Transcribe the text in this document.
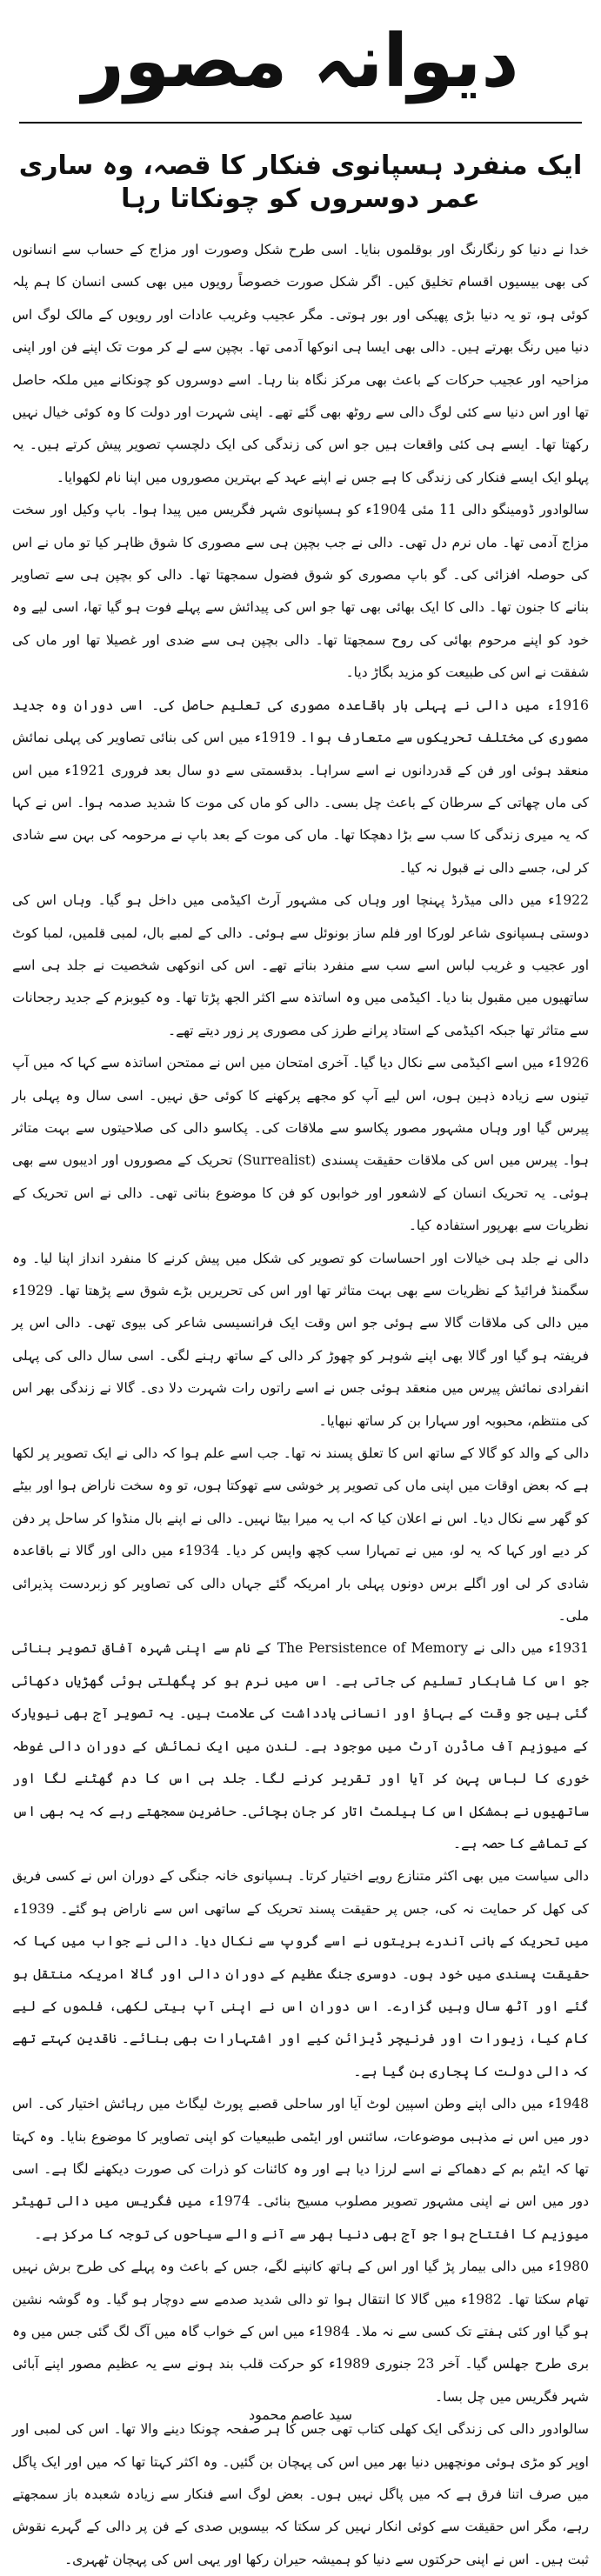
دیوانہ مصور
ایک منفرد ہسپانوی فنکار کا قصہ، وہ ساری عمر دوسروں کو چونکاتا رہا

خدا نے دنیا کو رنگارنگ اور بوقلموں بنایا۔ اسی طرح شکل وصورت اور مزاج کے حساب سے انسانوں کی بھی بیسیوں اقسام تخلیق کیں۔ اگر شکل صورت خصوصاً رویوں میں بھی کسی انسان کا ہم پلہ کوئی ہو، تو یہ دنیا بڑی پھیکی اور بور ہوتی۔ مگر عجیب وغریب عادات اور رویوں کے مالک لوگ اس دنیا میں رنگ بھرتے ہیں۔ دالی بھی ایسا ہی انوکھا آدمی تھا۔ بچپن سے لے کر موت تک اپنے فن اور اپنی مزاحیہ اور عجیب حرکات کے باعث بھی مرکز نگاہ بنا رہا۔ اسے دوسروں کو چونکانے میں ملکہ حاصل تھا اور اس دنیا سے کئی لوگ دالی سے روٹھ بھی گئے تھے۔ اپنی شہرت اور دولت کا وہ کوئی خیال نہیں رکھتا تھا۔ ایسے ہی کئی واقعات ہیں جو اس کی زندگی کی ایک دلچسپ تصویر پیش کرتے ہیں۔ یہ پہلو ایک ایسے فنکار کی زندگی کا ہے جس نے اپنے عہد کے بہترین مصوروں میں اپنا نام لکھوایا۔

سالوادور ڈومینگو دالی 11 مئی 1904ء کو ہسپانوی شہر فگریس میں پیدا ہوا۔ باپ وکیل اور سخت مزاج آدمی تھا۔ ماں نرم دل تھی۔ دالی نے جب بچپن ہی سے مصوری کا شوق ظاہر کیا تو ماں نے اس کی حوصلہ افزائی کی۔ گو باپ مصوری کو شوق فضول سمجھتا تھا۔ دالی کو بچپن ہی سے تصاویر بنانے کا جنون تھا۔ دالی کا ایک بھائی بھی تھا جو اس کی پیدائش سے پہلے فوت ہو گیا تھا، اسی لیے وہ خود کو اپنے مرحوم بھائی کی روح سمجھتا تھا۔ دالی بچپن ہی سے ضدی اور غصیلا تھا اور ماں کی شفقت نے اس کی طبیعت کو مزید بگاڑ دیا۔

1916ء میں دالی نے پہلی بار باقاعدہ مصوری کی تعلیم حاصل کی۔ اسی دوران وہ جدید مصوری کی مختلف تحریکوں سے متعارف ہوا۔ 1919ء میں اس کی بنائی تصاویر کی پہلی نمائش منعقد ہوئی اور فن کے قدردانوں نے اسے سراہا۔ بدقسمتی سے دو سال بعد فروری 1921ء میں اس کی ماں چھاتی کے سرطان کے باعث چل بسی۔ دالی کو ماں کی موت کا شدید صدمہ ہوا۔ اس نے کہا کہ یہ میری زندگی کا سب سے بڑا دھچکا تھا۔ ماں کی موت کے بعد باپ نے مرحومہ کی بہن سے شادی کر لی، جسے دالی نے قبول نہ کیا۔

1922ء میں دالی میڈرڈ پہنچا اور وہاں کی مشہور آرٹ اکیڈمی میں داخل ہو گیا۔ وہاں اس کی دوستی ہسپانوی شاعر لورکا اور فلم ساز بونوئل سے ہوئی۔ دالی کے لمبے بال، لمبی قلمیں، لمبا کوٹ اور عجیب و غریب لباس اسے سب سے منفرد بناتے تھے۔ اس کی انوکھی شخصیت نے جلد ہی اسے ساتھیوں میں مقبول بنا دیا۔ اکیڈمی میں وہ اساتذہ سے اکثر الجھ پڑتا تھا۔ وہ کیوبزم کے جدید رجحانات سے متاثر تھا جبکہ اکیڈمی کے استاد پرانے طرز کی مصوری پر زور دیتے تھے۔

1926ء میں اسے اکیڈمی سے نکال دیا گیا۔ آخری امتحان میں اس نے ممتحن اساتذہ سے کہا کہ میں آپ تینوں سے زیادہ ذہین ہوں، اس لیے آپ کو مجھے پرکھنے کا کوئی حق نہیں۔ اسی سال وہ پہلی بار پیرس گیا اور وہاں مشہور مصور پکاسو سے ملاقات کی۔ پکاسو دالی کی صلاحیتوں سے بہت متاثر ہوا۔ پیرس میں اس کی ملاقات حقیقت پسندی (Surrealist) تحریک کے مصوروں اور ادیبوں سے بھی ہوئی۔ یہ تحریک انسان کے لاشعور اور خوابوں کو فن کا موضوع بناتی تھی۔ دالی نے اس تحریک کے نظریات سے بھرپور استفادہ کیا۔

دالی نے جلد ہی خیالات اور احساسات کو تصویر کی شکل میں پیش کرنے کا منفرد انداز اپنا لیا۔ وہ سگمنڈ فرائیڈ کے نظریات سے بھی بہت متاثر تھا اور اس کی تحریریں بڑے شوق سے پڑھتا تھا۔ 1929ء میں دالی کی ملاقات گالا سے ہوئی جو اس وقت ایک فرانسیسی شاعر کی بیوی تھی۔ دالی اس پر فریفتہ ہو گیا اور گالا بھی اپنے شوہر کو چھوڑ کر دالی کے ساتھ رہنے لگی۔ اسی سال دالی کی پہلی انفرادی نمائش پیرس میں منعقد ہوئی جس نے اسے راتوں رات شہرت دلا دی۔ گالا نے زندگی بھر اس کی منتظم، محبوبہ اور سہارا بن کر ساتھ نبھایا۔

دالی کے والد کو گالا کے ساتھ اس کا تعلق پسند نہ تھا۔ جب اسے علم ہوا کہ دالی نے ایک تصویر پر لکھا ہے کہ بعض اوقات میں اپنی ماں کی تصویر پر خوشی سے تھوکتا ہوں، تو وہ سخت ناراض ہوا اور بیٹے کو گھر سے نکال دیا۔ اس نے اعلان کیا کہ اب یہ میرا بیٹا نہیں۔ دالی نے اپنے بال منڈوا کر ساحل پر دفن کر دیے اور کہا کہ یہ لو، میں نے تمہارا سب کچھ واپس کر دیا۔ 1934ء میں دالی اور گالا نے باقاعدہ شادی کر لی اور اگلے برس دونوں پہلی بار امریکہ گئے جہاں دالی کی تصاویر کو زبردست پذیرائی ملی۔

1931ء میں دالی نے The Persistence of Memory کے نام سے اپنی شہرہ آفاق تصویر بنائی جو اس کا شاہکار تسلیم کی جاتی ہے۔ اس میں نرم ہو کر پگھلتی ہوئی گھڑیاں دکھائی گئی ہیں جو وقت کے بہاؤ اور انسانی یادداشت کی علامت ہیں۔ یہ تصویر آج بھی نیویارک کے میوزیم آف ماڈرن آرٹ میں موجود ہے۔ لندن میں ایک نمائش کے دوران دالی غوطہ خوری کا لباس پہن کر آیا اور تقریر کرنے لگا۔ جلد ہی اس کا دم گھٹنے لگا اور ساتھیوں نے بمشکل اس کا ہیلمٹ اتار کر جان بچائی۔ حاضرین سمجھتے رہے کہ یہ بھی اس کے تماشے کا حصہ ہے۔

دالی سیاست میں بھی اکثر متنازع رویے اختیار کرتا۔ ہسپانوی خانہ جنگی کے دوران اس نے کسی فریق کی کھل کر حمایت نہ کی، جس پر حقیقت پسند تحریک کے ساتھی اس سے ناراض ہو گئے۔ 1939ء میں تحریک کے بانی آندرے بریتوں نے اسے گروپ سے نکال دیا۔ دالی نے جواب میں کہا کہ حقیقت پسندی میں خود ہوں۔ دوسری جنگ عظیم کے دوران دالی اور گالا امریکہ منتقل ہو گئے اور آٹھ سال وہیں گزارے۔ اس دوران اس نے اپنی آپ بیتی لکھی، فلموں کے لیے کام کیا، زیورات اور فرنیچر ڈیزائن کیے اور اشتہارات بھی بنائے۔ ناقدین کہتے تھے کہ دالی دولت کا پجاری بن گیا ہے۔

1948ء میں دالی اپنے وطن اسپین لوٹ آیا اور ساحلی قصبے پورٹ لیگاٹ میں رہائش اختیار کی۔ اس دور میں اس نے مذہبی موضوعات، سائنس اور ایٹمی طبیعیات کو اپنی تصاویر کا موضوع بنایا۔ وہ کہتا تھا کہ ایٹم بم کے دھماکے نے اسے لرزا دیا ہے اور وہ کائنات کو ذرات کی صورت دیکھنے لگا ہے۔ اسی دور میں اس نے اپنی مشہور تصویر مصلوب مسیح بنائی۔ 1974ء میں فگریس میں دالی تھیٹر میوزیم کا افتتاح ہوا جو آج بھی دنیا بھر سے آنے والے سیاحوں کی توجہ کا مرکز ہے۔

1980ء میں دالی بیمار پڑ گیا اور اس کے ہاتھ کانپنے لگے، جس کے باعث وہ پہلے کی طرح برش نہیں تھام سکتا تھا۔ 1982ء میں گالا کا انتقال ہوا تو دالی شدید صدمے سے دوچار ہو گیا۔ وہ گوشہ نشین ہو گیا اور کئی ہفتے تک کسی سے نہ ملا۔ 1984ء میں اس کے خواب گاہ میں آگ لگ گئی جس میں وہ بری طرح جھلس گیا۔ آخر 23 جنوری 1989ء کو حرکت قلب بند ہونے سے یہ عظیم مصور اپنے آبائی شہر فگریس میں چل بسا۔

سالوادور دالی کی زندگی ایک کھلی کتاب تھی جس کا ہر صفحہ چونکا دینے والا تھا۔ اس کی لمبی اور اوپر کو مڑی ہوئی مونچھیں دنیا بھر میں اس کی پہچان بن گئیں۔ وہ اکثر کہتا تھا کہ میں اور ایک پاگل میں صرف اتنا فرق ہے کہ میں پاگل نہیں ہوں۔ بعض لوگ اسے فنکار سے زیادہ شعبدہ باز سمجھتے رہے، مگر اس حقیقت سے کوئی انکار نہیں کر سکتا کہ بیسویں صدی کے فن پر دالی کے گہرے نقوش ثبت ہیں۔ اس نے اپنی حرکتوں سے دنیا کو ہمیشہ حیران رکھا اور یہی اس کی پہچان ٹھہری۔

سید عاصم محمود
